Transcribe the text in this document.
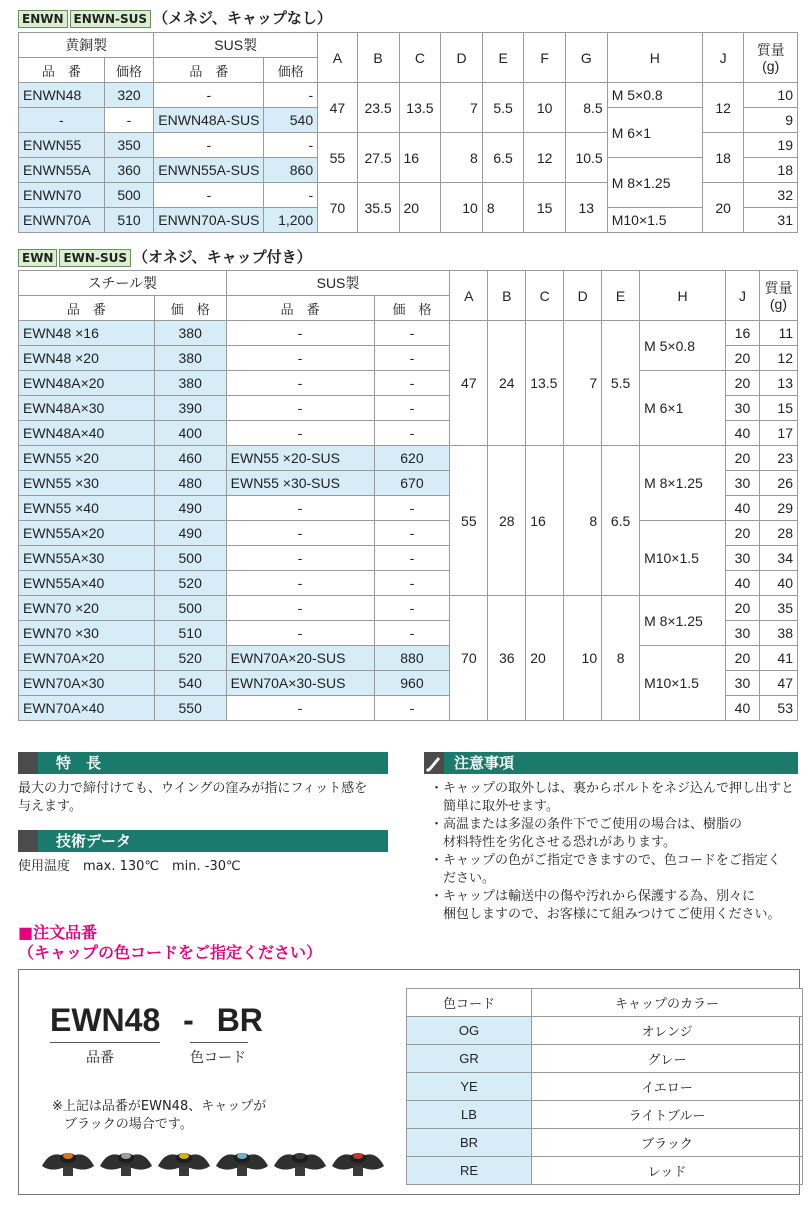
ENWN ENWN-SUS （メネジ、キャップなし）
黄銅製		SUS製		A	B	C	D	E	F	G	H	J	質量
(g)
品　番	価格	品　番	価格										
ENWN48	320	-	-	47	23.5	13.5	7	5.5	10	8.5	M 5×0.8	12	10
-	-	ENWN48A-SUS	540								M 6×1		9
ENWN55	350	-	-	55	27.5	16	8	6.5	12	10.5		18	19
ENWN55A	360	ENWN55A-SUS	860								M 8×1.25		18
ENWN70	500	-	-	70	35.5	20	10	8	15	13		20	32
ENWN70A	510	ENWN70A-SUS	1,200								M10×1.5		31
EWN EWN-SUS （オネジ、キャップ付き）
スチール製		SUS製		A	B	C	D	E	H	J	質量
(g)
品　番	価　格	品　番	価　格								
EWN48 ×16	380	-	-	47	24	13.5	7	5.5	M 5×0.8	16	11
EWN48 ×20	380	-	-							20	12
EWN48A×20	380	-	-						M 6×1	20	13
EWN48A×30	390	-	-							30	15
EWN48A×40	400	-	-							40	17
EWN55 ×20	460	EWN55 ×20-SUS	620	55	28	16	8	6.5	M 8×1.25	20	23
EWN55 ×30	480	EWN55 ×30-SUS	670							30	26
EWN55 ×40	490	-	-							40	29
EWN55A×20	490	-	-						M10×1.5	20	28
EWN55A×30	500	-	-							30	34
EWN55A×40	520	-	-							40	40
EWN70 ×20	500	-	-	70	36	20	10	8	M 8×1.25	20	35
EWN70 ×30	510	-	-							30	38
EWN70A×20	520	EWN70A×20-SUS	880						M10×1.5	20	41
EWN70A×30	540	EWN70A×30-SUS	960							30	47
EWN70A×40	550	-	-							40	53
特　長
最大の力で締付けても、ウイングの窪みが指にフィット感を
与えます。
技術データ
使用温度　max. 130℃　min. -30℃
注意事項
・キャップの取外しは、裏からボルトをネジ込んで押し出すと
簡単に取外せます。
・高温または多湿の条件下でご使用の場合は、樹脂の
材料特性を劣化させる恐れがあります。
・キャップの色がご指定できますので、色コードをご指定く
ださい。
・キャップは輸送中の傷や汚れから保護する為、別々に
梱包しますので、お客様にて組みつけてご使用ください。
■注文品番
（キャップの色コードをご指定ください）
EWN48 - BR
品番	色コード
※上記は品番がEWN48、キャップが
ブラックの場合です。
色コード	キャップのカラー
OG	オレンジ
GR	グレー
YE	イエロー
LB	ライトブルー
BR	ブラック
RE	レッド
